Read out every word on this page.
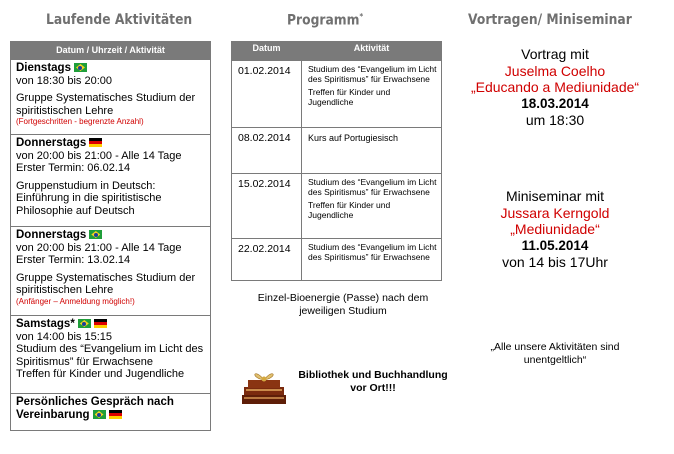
Laufende Aktivitäten	Programm*	Vortragen/ Miniseminar
Datum / Uhrzeit / Aktivität
Dienstags
von 18:30 bis 20:00
Gruppe Systematisches Studium der spiritistischen Lehre
(Fortgeschritten - begrenzte Anzahl)
Donnerstags
von 20:00 bis 21:00 - Alle 14 Tage
Erster Termin: 06.02.14
Gruppenstudium in Deutsch: Einführung in die spiritistische Philosophie auf Deutsch
Donnerstags
von 20:00 bis 21:00 - Alle 14 Tage
Erster Termin: 13.02.14
Gruppe Systematisches Studium der spiritistischen Lehre
(Anfänger – Anmeldung möglich!)
Samstags*
von 14:00 bis 15:15
Studium des “Evangelium im Licht des Spiritismus” für Erwachsene
Treffen für Kinder und Jugendliche
Persönliches Gespräch nach Vereinbarung
Datum	Aktivität
01.02.2014	Studium des “Evangelium im Licht des Spiritismus” für Erwachsene
Treffen für Kinder und Jugendliche

08.02.2014	Kurs auf Portugiesisch

15.02.2014	Studium des “Evangelium im Licht des Spiritismus” für Erwachsene
Treffen für Kinder und Jugendliche

22.02.2014	Studium des “Evangelium im Licht des Spiritismus” für Erwachsene
Einzel-Bioenergie (Passe) nach dem jeweiligen Studium
Bibliothek und Buchhandlung vor Ort!!!
Vortrag mit
Juselma Coelho
„Educando a Mediunidade“
18.03.2014
um 18:30
Miniseminar mit
Jussara Kerngold
„Mediunidade“
11.05.2014
von 14 bis 17Uhr
„Alle unsere Aktivitäten sind unentgeltlich“
